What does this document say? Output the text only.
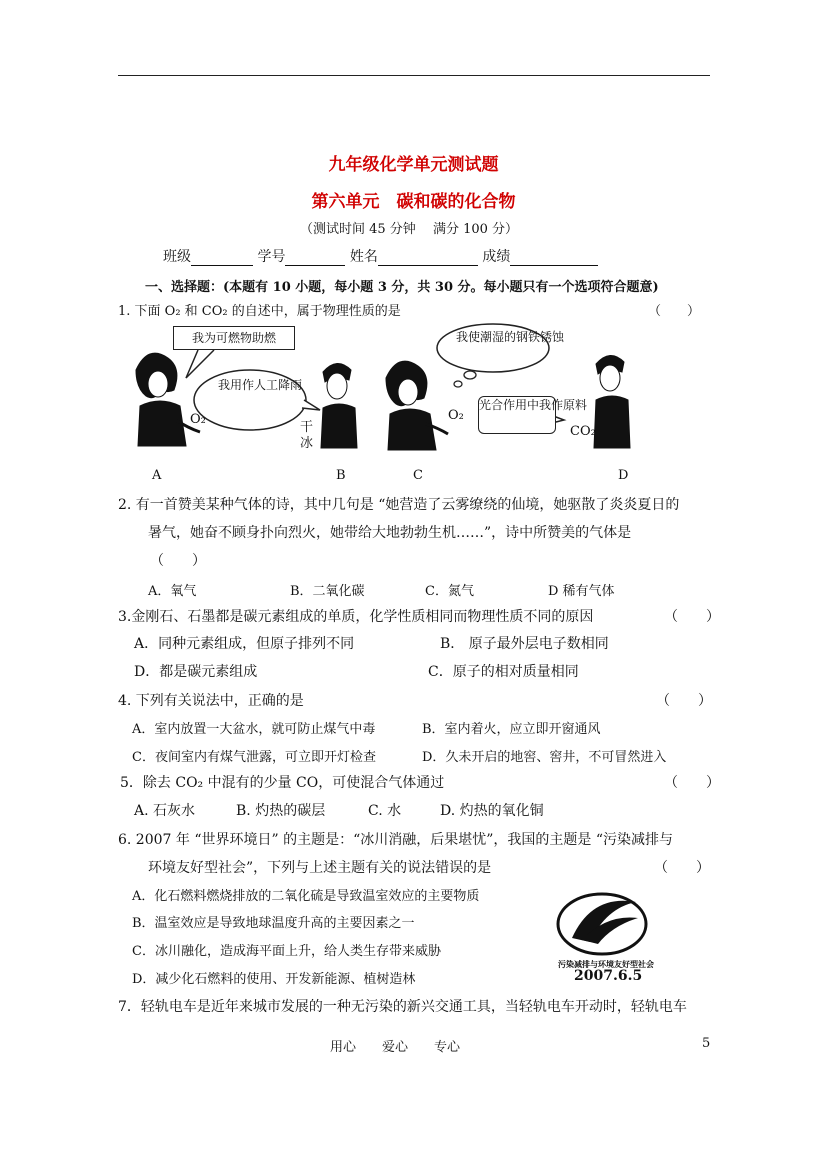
九年级化学单元测试题
第六单元　碳和碳的化合物
（测试时间 45 分钟　 满分 100 分）
班级	学号	姓名	成绩
一、选择题：(本题有 10 小题，每小题 3 分，共 30 分。每小题只有一个选项符合题意)
1. 下面 O₂ 和 CO₂ 的自述中，属于物理性质的是	（　　）
我为可燃物助燃
我用作人工降雨
我使潮湿的钢铁锈蚀
光合作用中我作原料
O₂
干冰
O₂
CO₂
A	B	C	D
2. 有一首赞美某种气体的诗，其中几句是 “她营造了云雾缭绕的仙境，她驱散了炎炎夏日的
暑气，她奋不顾身扑向烈火，她带给大地勃勃生机……”，诗中所赞美的气体是
（　　）
A．氧气	B．二氧化碳	C．氮气	D 稀有气体
3.金刚石、石墨都是碳元素组成的单质，化学性质相同而物理性质不同的原因	（　　）
A．同种元素组成，但原子排列不同	B． 原子最外层电子数相同
D．都是碳元素组成	C．原子的相对质量相同
4. 下列有关说法中，正确的是	（　　）
A．室内放置一大盆水，就可防止煤气中毒	B．室内着火，应立即开窗通风
C．夜间室内有煤气泄露，可立即开灯检查	D．久未开启的地窖、窖井，不可冒然进入
5．除去 CO₂ 中混有的少量 CO，可使混合气体通过	（　　）
A. 石灰水	B. 灼热的碳层	C. 水	D. 灼热的氧化铜
6. 2007 年 “世界环境日” 的主题是：“冰川消融，后果堪忧”，我国的主题是 “污染减排与
环境友好型社会”，下列与上述主题有关的说法错误的是	（　　）
A．化石燃料燃烧排放的二氧化硫是导致温室效应的主要物质
B．温室效应是导致地球温度升高的主要因素之一
C．冰川融化，造成海平面上升，给人类生存带来威胁
D．减少化石燃料的使用、开发新能源、植树造林
污染减排与环境友好型社会
2007.6.5
7．轻轨电车是近年来城市发展的一种无污染的新兴交通工具，当轻轨电车开动时，轻轨电车
用心　　爱心　　专心	5
